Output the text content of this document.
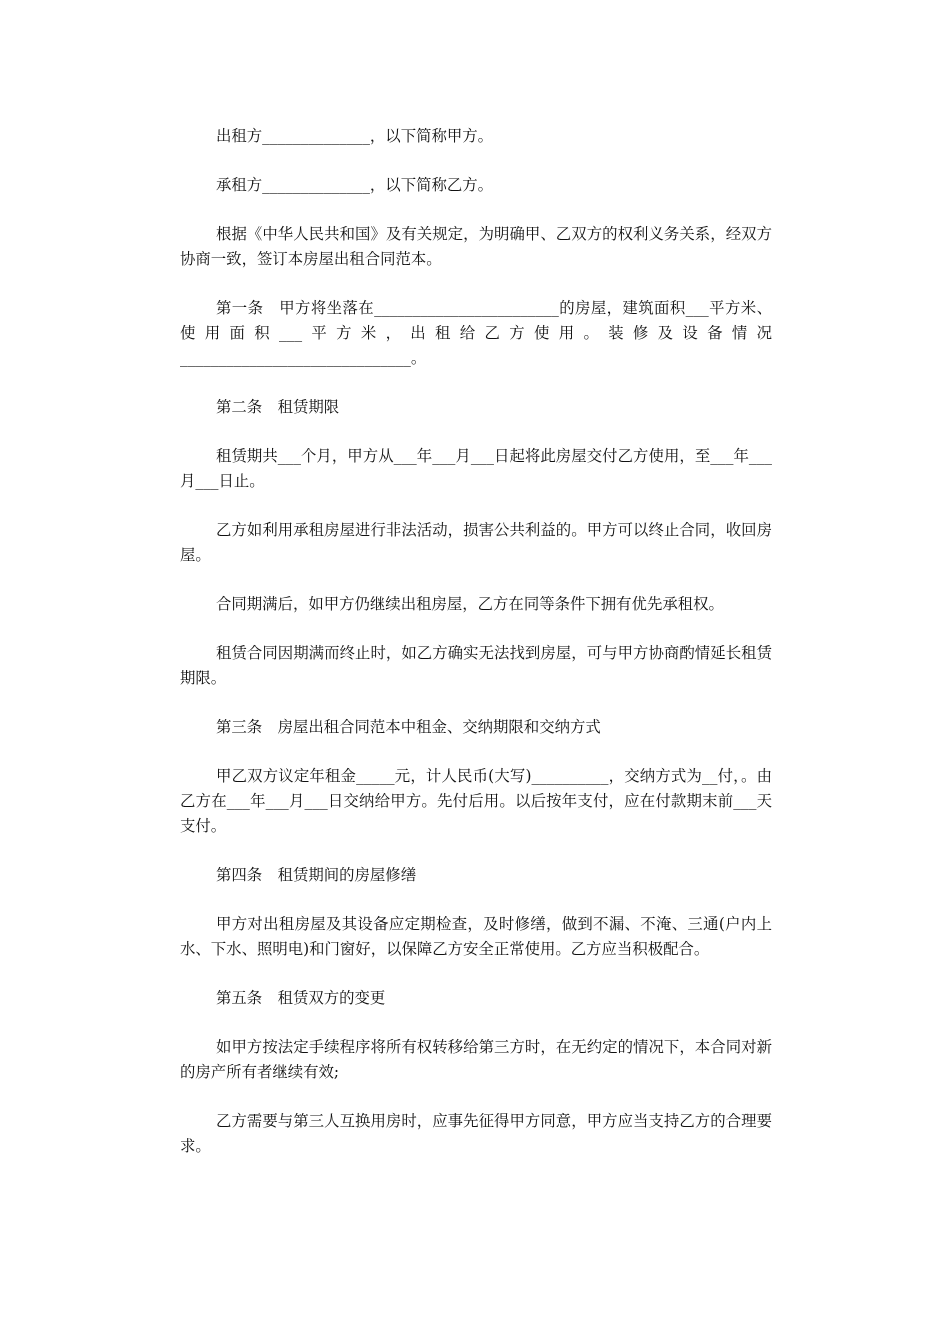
出租方______________，以下简称甲方。

承租方______________，以下简称乙方。

根据《中华人民共和国》及有关规定，为明确甲、乙双方的权利义务关系，经双方协商一致，签订本房屋出租合同范本。

第一条　甲方将坐落在________________________的房屋，建筑面积___平方米、使用面积___平方米，出租给乙方使用。装修及设备情况______________________________。

第二条　租赁期限

租赁期共___个月，甲方从___年___月___日起将此房屋交付乙方使用，至___年___月___日止。

乙方如利用承租房屋进行非法活动，损害公共利益的。甲方可以终止合同，收回房屋。

合同期满后，如甲方仍继续出租房屋，乙方在同等条件下拥有优先承租权。

租赁合同因期满而终止时，如乙方确实无法找到房屋，可与甲方协商酌情延长租赁期限。

第三条　房屋出租合同范本中租金、交纳期限和交纳方式

甲乙双方议定年租金_____元，计人民币(大写)__________，交纳方式为__付，。由乙方在___年___月___日交纳给甲方。先付后用。以后按年支付，应在付款期末前___天支付。

第四条　租赁期间的房屋修缮

甲方对出租房屋及其设备应定期检查，及时修缮，做到不漏、不淹、三通(户内上水、下水、照明电)和门窗好，以保障乙方安全正常使用。乙方应当积极配合。

第五条　租赁双方的变更

如甲方按法定手续程序将所有权转移给第三方时，在无约定的情况下，本合同对新的房产所有者继续有效;

乙方需要与第三人互换用房时，应事先征得甲方同意，甲方应当支持乙方的合理要求。
